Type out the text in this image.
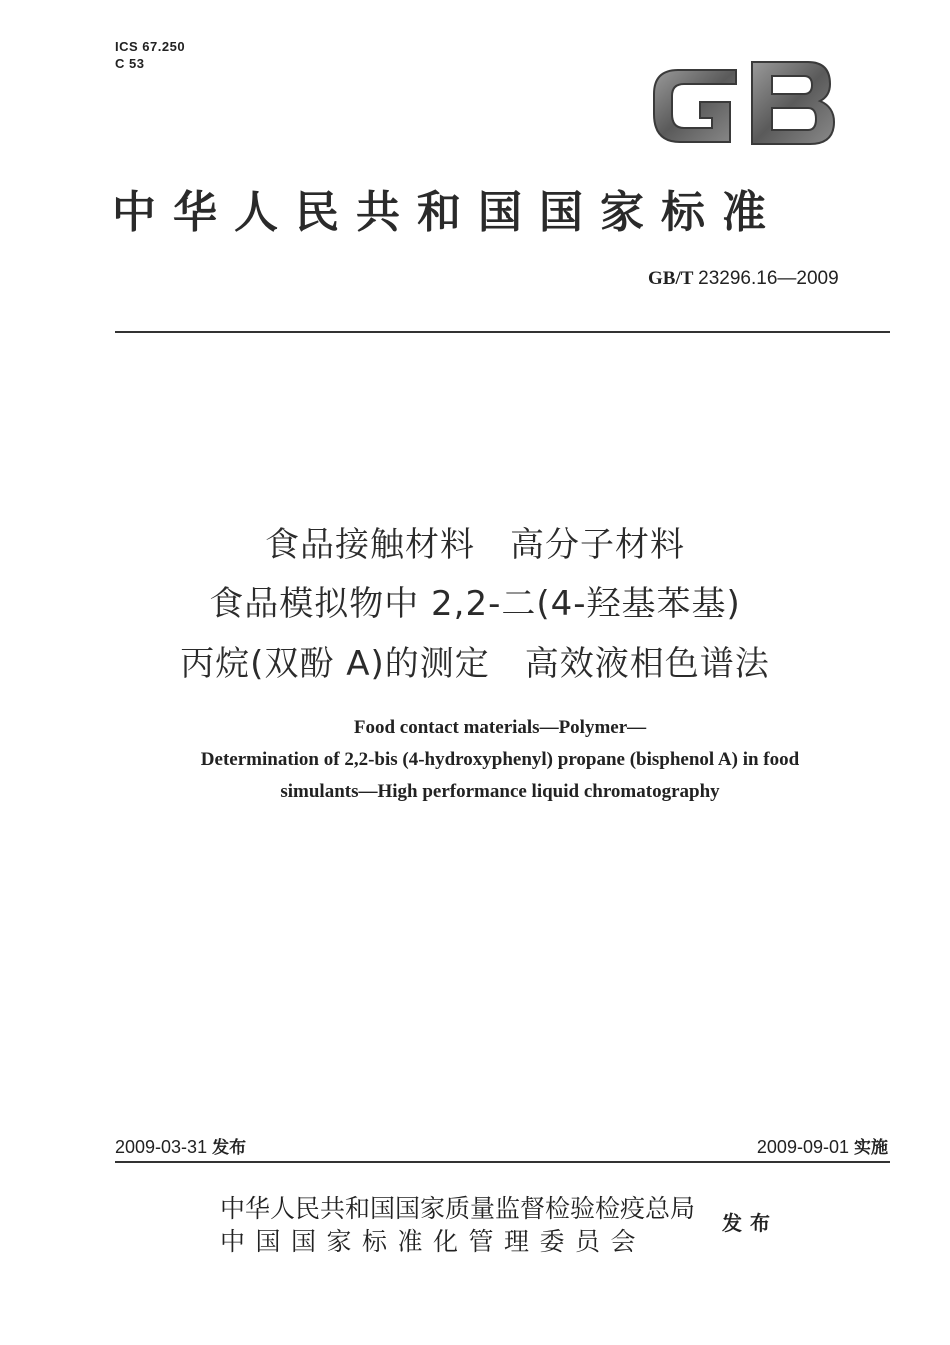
ICS 67.250
C 53
GB
中华人民共和国国家标准
GB/T 23296.16—2009
食品接触材料　高分子材料
食品模拟物中 2,2-二(4-羟基苯基)
丙烷(双酚 A)的测定　高效液相色谱法
Food contact materials—Polymer—
Determination of 2,2-bis (4-hydroxyphenyl) propane (bisphenol A) in food
simulants—High performance liquid chromatography
2009-03-31 发布	2009-09-01 实施
中华人民共和国国家质量监督检验检疫总局
中国国家标准化管理委员会
发布
